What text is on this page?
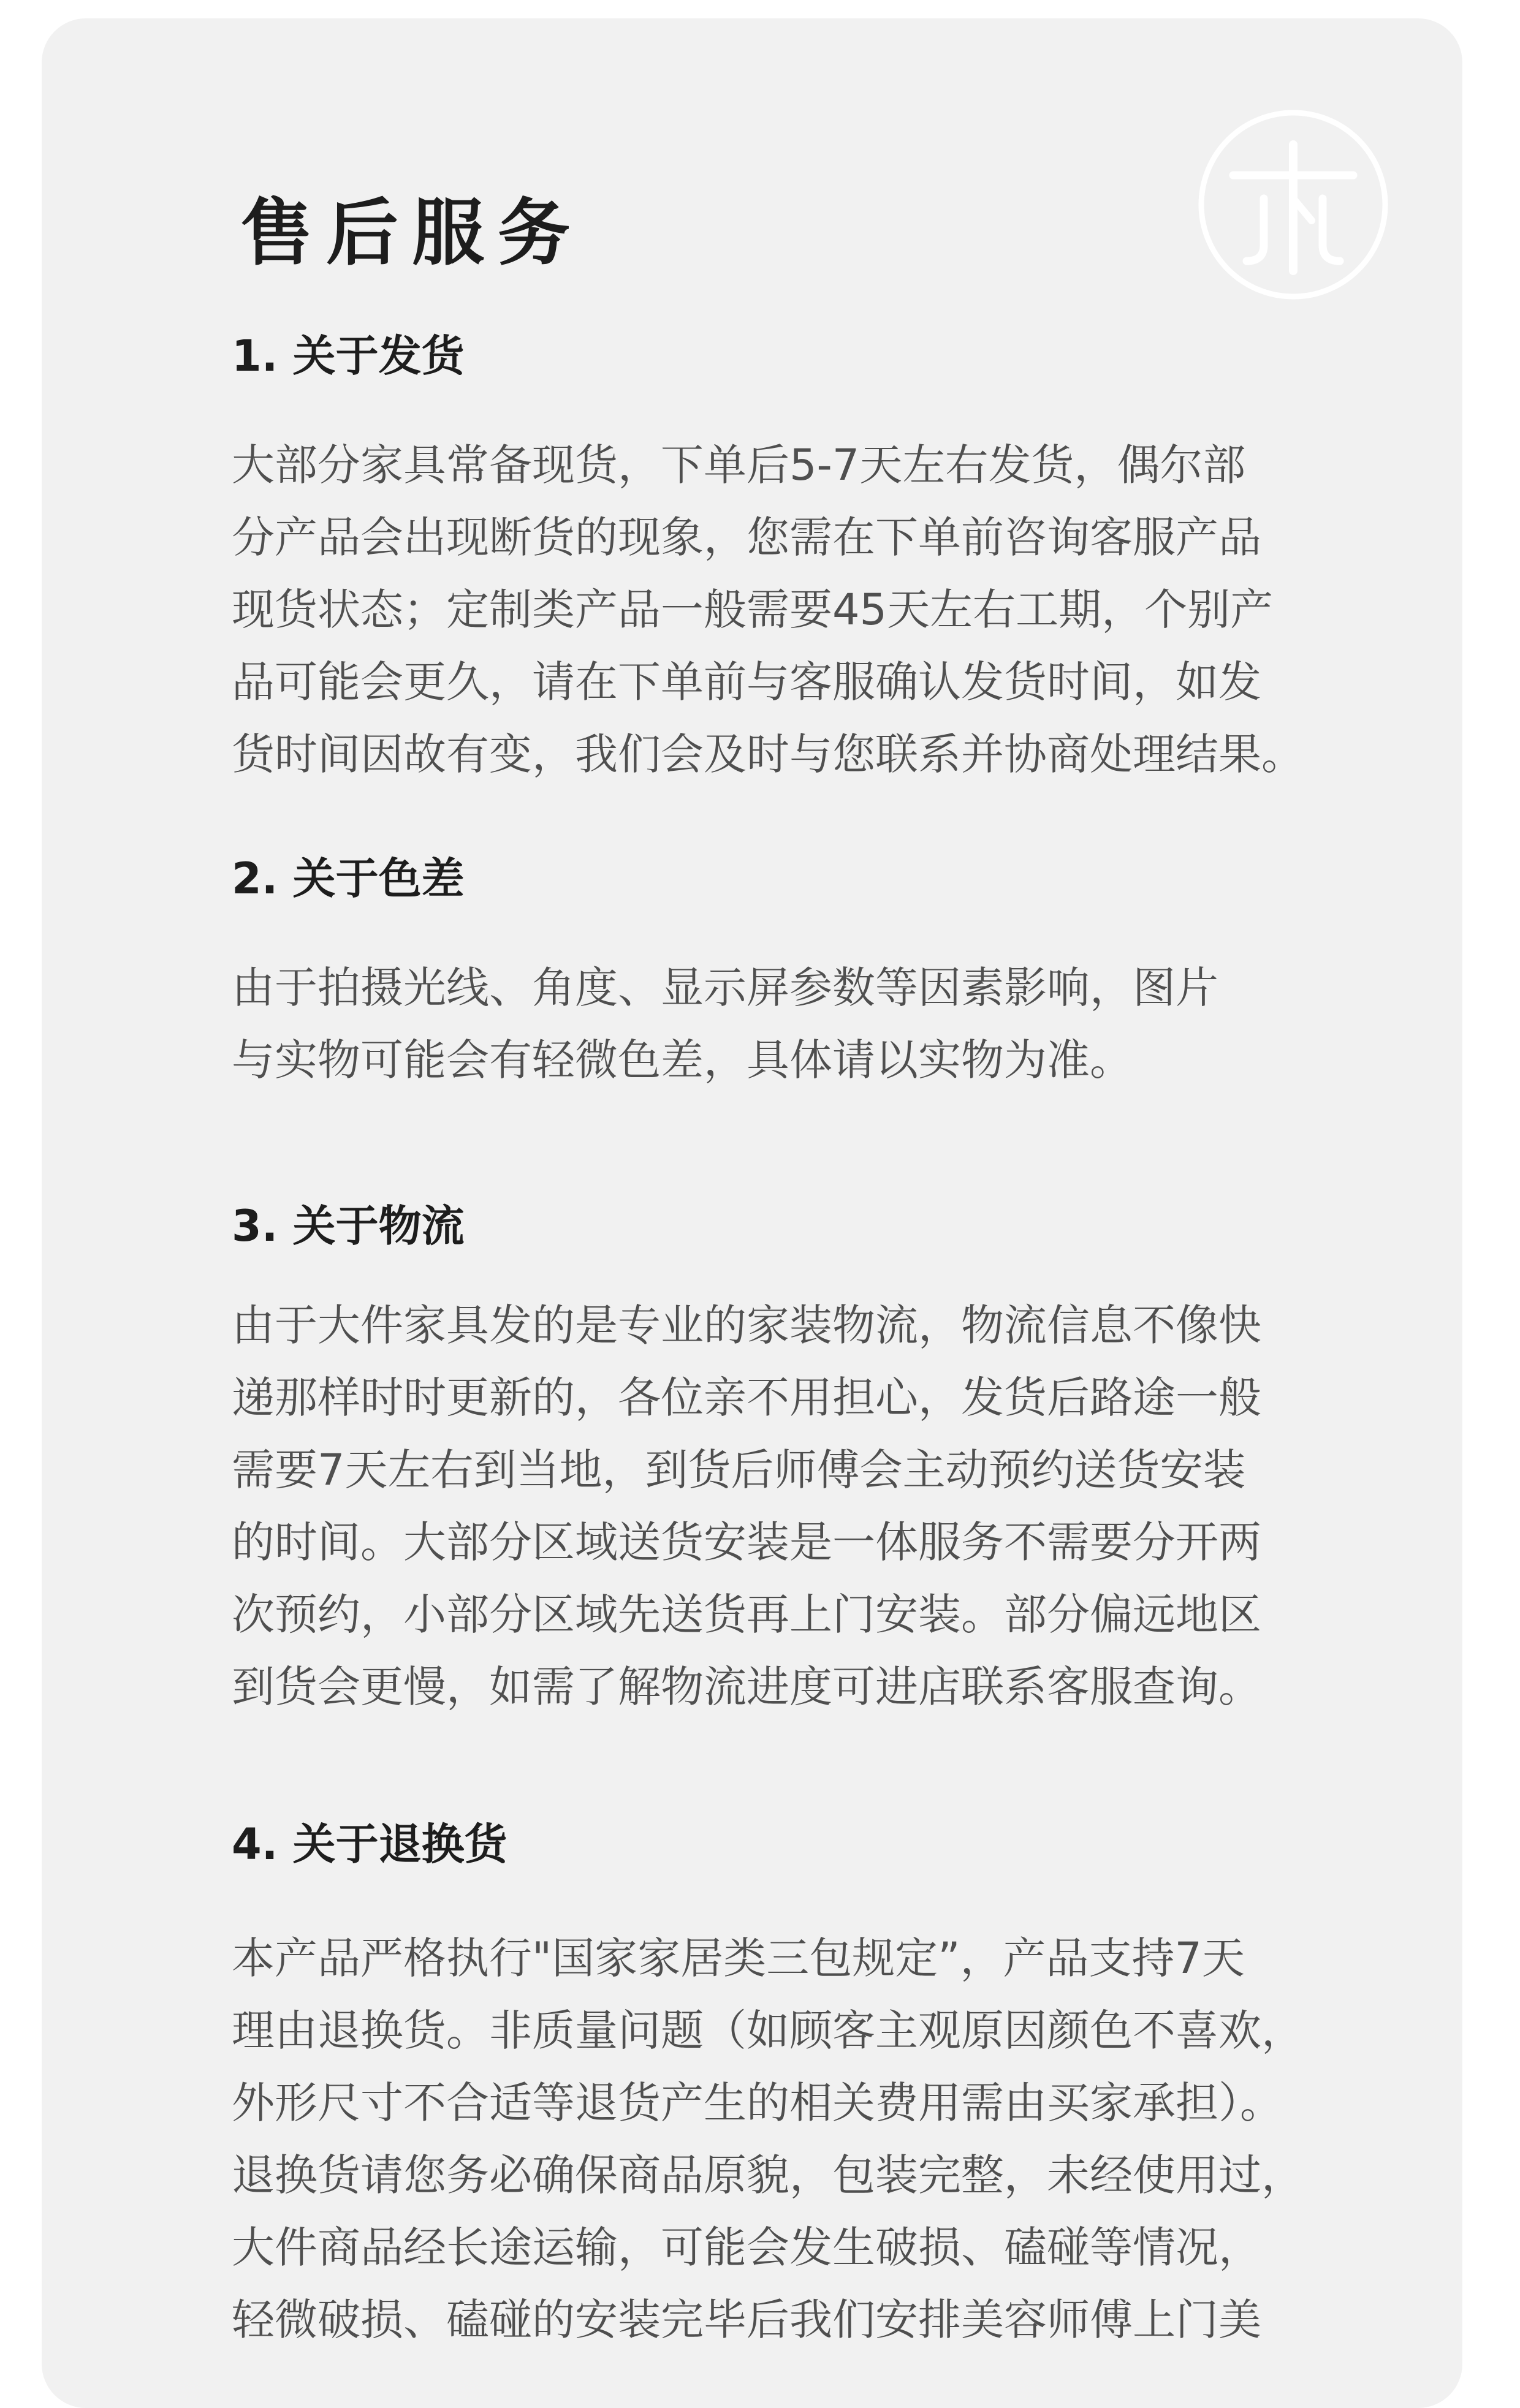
售后服务
1. 关于发货
大部分家具常备现货，下单后5-7天左右发货，偶尔部
分产品会出现断货的现象，您需在下单前咨询客服产品
现货状态；定制类产品一般需要45天左右工期，个别产
品可能会更久，请在下单前与客服确认发货时间，如发
货时间因故有变，我们会及时与您联系并协商处理结果。
2. 关于色差
由于拍摄光线、角度、显示屏参数等因素影响，图片
与实物可能会有轻微色差，具体请以实物为准。
3. 关于物流
由于大件家具发的是专业的家装物流，物流信息不像快
递那样时时更新的，各位亲不用担心，发货后路途一般
需要7天左右到当地，到货后师傅会主动预约送货安装
的时间。大部分区域送货安装是一体服务不需要分开两
次预约，小部分区域先送货再上门安装。部分偏远地区
到货会更慢，如需了解物流进度可进店联系客服查询。
4. 关于退换货
本产品严格执行"国家家居类三包规定”，产品支持7天
理由退换货。非质量问题（如顾客主观原因颜色不喜欢，
外形尺寸不合适等退货产生的相关费用需由买家承担）。
退换货请您务必确保商品原貌，包装完整，未经使用过，
大件商品经长途运输，可能会发生破损、磕碰等情况，
轻微破损、磕碰的安装完毕后我们安排美容师傅上门美
